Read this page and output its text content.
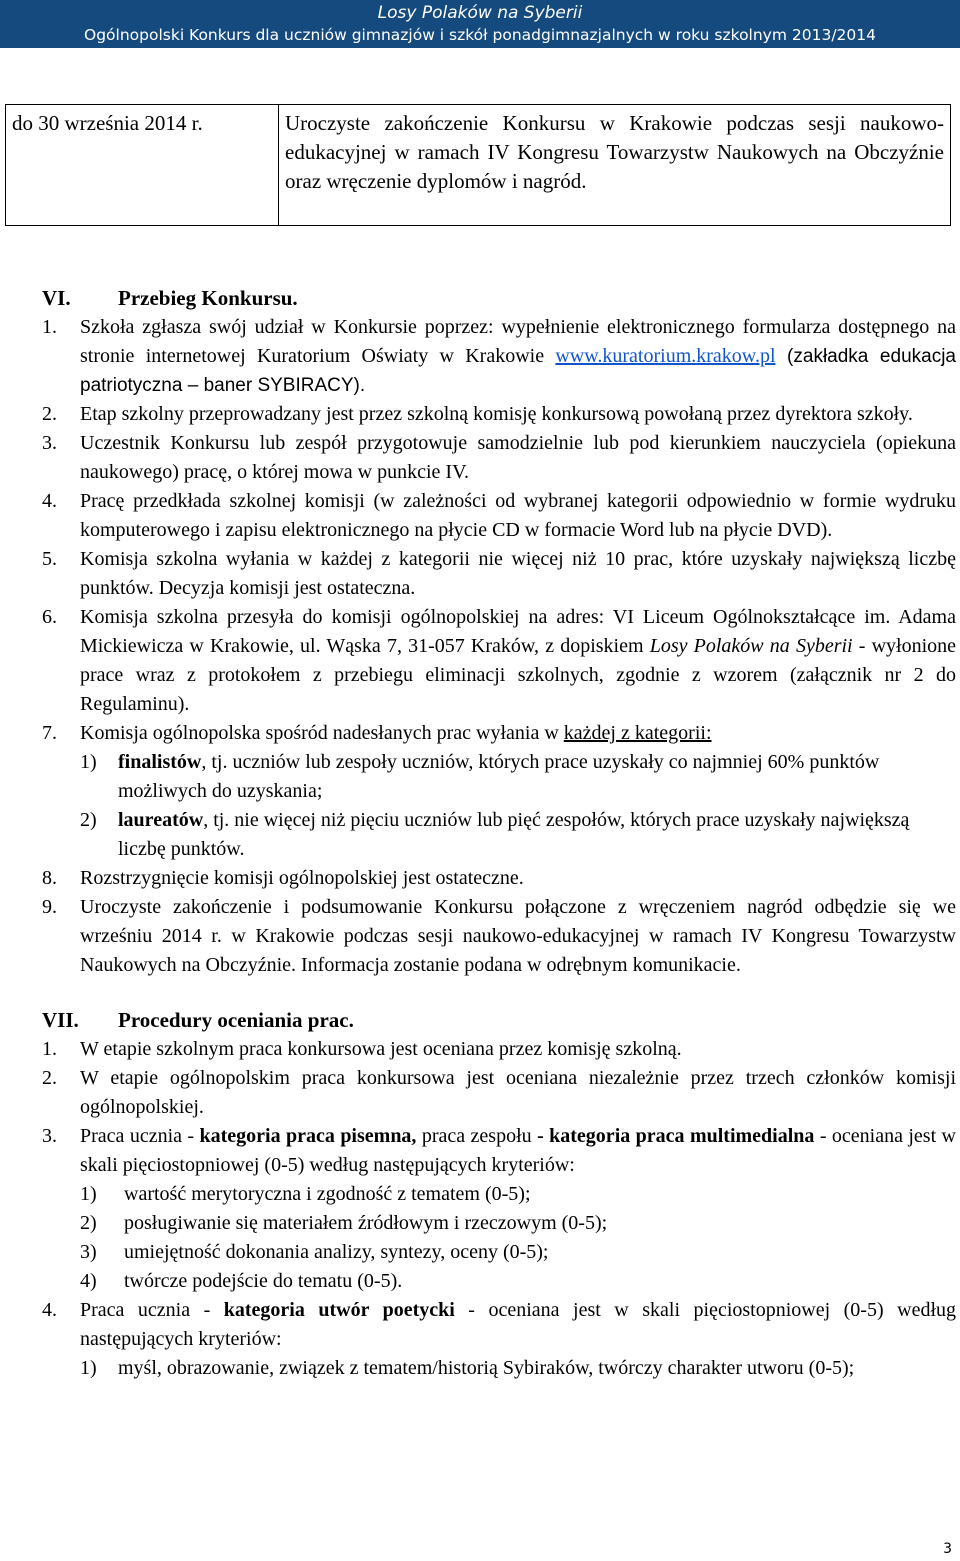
Losy Polaków na Syberii
Ogólnopolski Konkurs dla uczniów gimnazjów i szkół ponadgimnazjalnych w roku szkolnym 2013/2014
do 30 września 2014 r.	Uroczyste zakończenie Konkursu w Krakowie podczas sesji naukowo-edukacyjnej w ramach IV Kongresu Towarzystw Naukowych na Obczyźnie oraz wręczenie dyplomów i nagród.
VI.	Przebieg Konkursu.
1.	Szkoła zgłasza swój udział w Konkursie poprzez: wypełnienie elektronicznego formularza dostępnego na stronie internetowej Kuratorium Oświaty w Krakowie www.kuratorium.krakow.pl (zakładka edukacja patriotyczna – baner SYBIRACY).
2.	Etap szkolny przeprowadzany jest przez szkolną komisję konkursową powołaną przez dyrektora szkoły.
3.	Uczestnik Konkursu lub zespół przygotowuje samodzielnie lub pod kierunkiem nauczyciela (opiekuna naukowego) pracę, o której mowa w punkcie IV.
4.	Pracę przedkłada szkolnej komisji (w zależności od wybranej kategorii odpowiednio w formie wydruku komputerowego i zapisu elektronicznego na płycie CD w formacie Word lub na płycie DVD).
5.	Komisja szkolna wyłania w każdej z kategorii nie więcej niż 10 prac, które uzyskały największą liczbę punktów. Decyzja komisji jest ostateczna.
6.	Komisja szkolna przesyła do komisji ogólnopolskiej na adres: VI Liceum Ogólnokształcące im. Adama Mickiewicza w Krakowie, ul. Wąska 7, 31-057 Kraków, z dopiskiem Losy Polaków na Syberii - wyłonione prace wraz z protokołem z przebiegu eliminacji szkolnych, zgodnie z wzorem (załącznik nr 2 do Regulaminu).
7.	Komisja ogólnopolska spośród nadesłanych prac wyłania w każdej z kategorii:
1)	finalistów, tj. uczniów lub zespoły uczniów, których prace uzyskały co najmniej 60% punktów możliwych do uzyskania;
2)	laureatów, tj. nie więcej niż pięciu uczniów lub pięć zespołów, których prace uzyskały największą liczbę punktów.
8.	Rozstrzygnięcie komisji ogólnopolskiej jest ostateczne.
9.	Uroczyste zakończenie i podsumowanie Konkursu połączone z wręczeniem nagród odbędzie się we wrześniu 2014 r. w Krakowie podczas sesji naukowo-edukacyjnej w ramach IV Kongresu Towarzystw Naukowych na Obczyźnie. Informacja zostanie podana w odrębnym komunikacie.
VII.	Procedury oceniania prac.
1.	W etapie szkolnym praca konkursowa jest oceniana przez komisję szkolną.
2.	W etapie ogólnopolskim praca konkursowa jest oceniana niezależnie przez trzech członków komisji ogólnopolskiej.
3.	Praca ucznia - kategoria praca pisemna, praca zespołu - kategoria praca multimedialna - oceniana jest w skali pięciostopniowej (0-5) według następujących kryteriów:
1)	wartość merytoryczna i zgodność z tematem (0-5);
2)	posługiwanie się materiałem źródłowym i rzeczowym (0-5);
3)	umiejętność dokonania analizy, syntezy, oceny (0-5);
4)	twórcze podejście do tematu (0-5).
4.	Praca ucznia - kategoria utwór poetycki - oceniana jest w skali pięciostopniowej (0-5) według następujących kryteriów:
1)	myśl, obrazowanie, związek z tematem/historią Sybiraków, twórczy charakter utworu (0-5);
3
